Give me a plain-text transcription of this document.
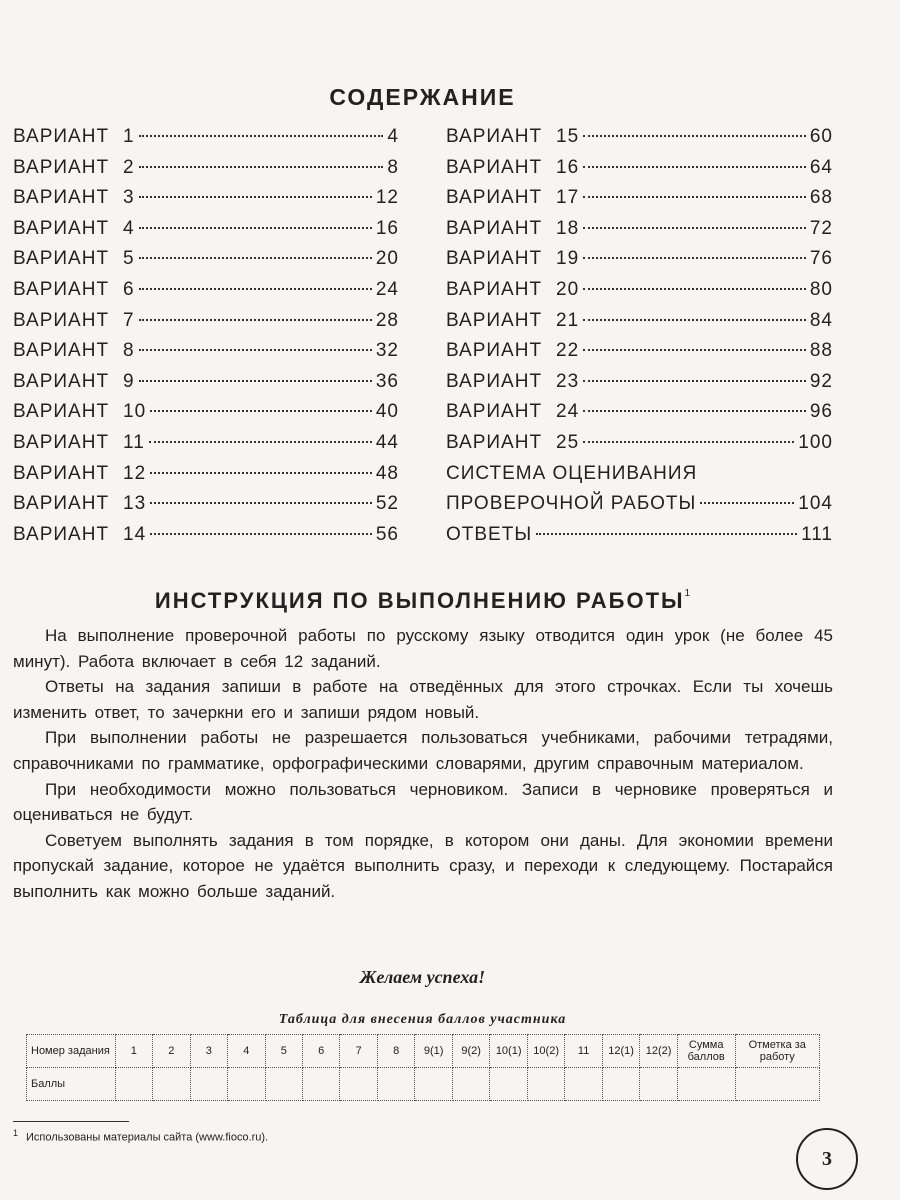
СОДЕРЖАНИЕ
ВАРИАНТ 1	4
ВАРИАНТ 2	8
ВАРИАНТ 3	12
ВАРИАНТ 4	16
ВАРИАНТ 5	20
ВАРИАНТ 6	24
ВАРИАНТ 7	28
ВАРИАНТ 8	32
ВАРИАНТ 9	36
ВАРИАНТ 10	40
ВАРИАНТ 11	44
ВАРИАНТ 12	48
ВАРИАНТ 13	52
ВАРИАНТ 14	56
ВАРИАНТ 15	60
ВАРИАНТ 16	64
ВАРИАНТ 17	68
ВАРИАНТ 18	72
ВАРИАНТ 19	76
ВАРИАНТ 20	80
ВАРИАНТ 21	84
ВАРИАНТ 22	88
ВАРИАНТ 23	92
ВАРИАНТ 24	96
ВАРИАНТ 25	100
СИСТЕМА ОЦЕНИВАНИЯ
ПРОВЕРОЧНОЙ РАБОТЫ	104
ОТВЕТЫ	111
ИНСТРУКЦИЯ ПО ВЫПОЛНЕНИЮ РАБОТЫ$^1$

На выполнение проверочной работы по русскому языку отводится один урок (не более 45 минут). Работа включает в себя 12 заданий.

Ответы на задания запиши в работе на отведённых для этого строчках. Если ты хочешь изменить ответ, то зачеркни его и запиши рядом новый.

При выполнении работы не разрешается пользоваться учебниками, рабочими тетрадями, справочниками по грамматике, орфографическими словарями, другим справочным материалом.

При необходимости можно пользоваться черновиком. Записи в черновике проверяться и оцениваться не будут.

Советуем выполнять задания в том порядке, в котором они даны. Для экономии времени пропускай задание, которое не удаётся выполнить сразу, и переходи к следующему. Постарайся выполнить как можно больше заданий.

Желаем успеха!
Таблица для внесения баллов участника
Номер задания	1	2	3	4	5	6	7	8	9(1)	9(2)	10(1)	10(2)	11	12(1)	12(2)	Сумма баллов	Отметка за работу
Баллы																	
$^1$ Использованы материалы сайта (www.fioco.ru).
3
